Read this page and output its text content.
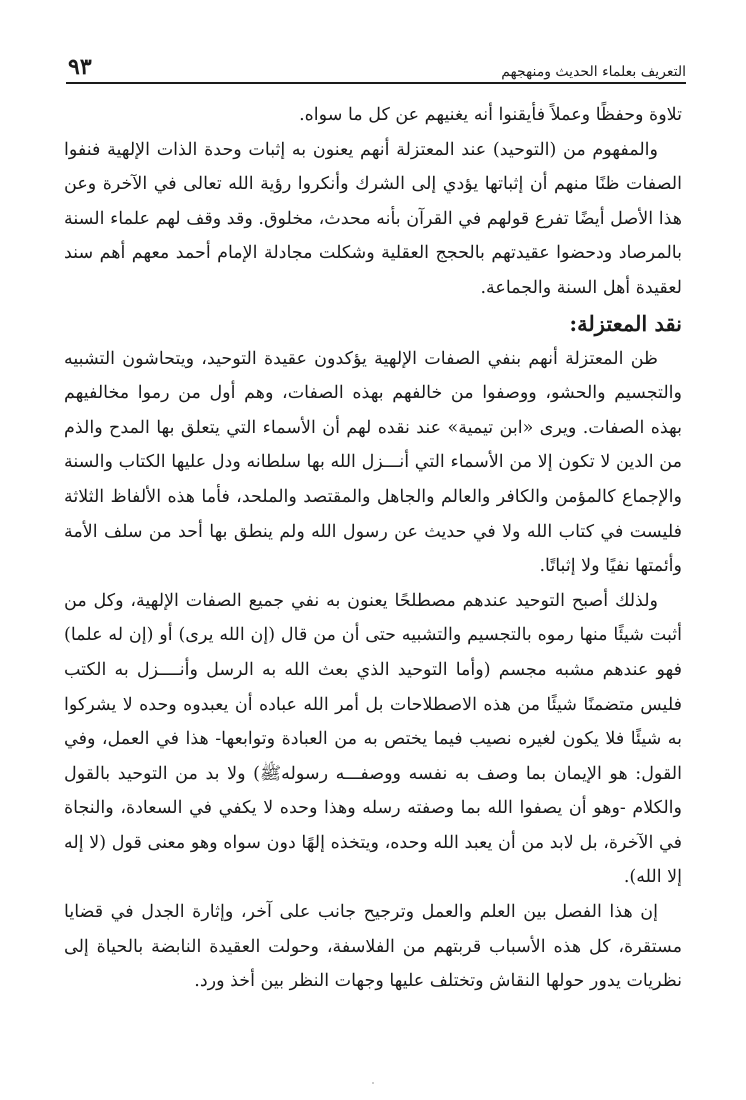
التعريف بعلماء الحديث ومنهجهم
٩٣

تلاوة وحفظًا وعملاً فأيقنوا أنه يغنيهم عن كل ما سواه.

والمفهوم من (التوحيد) عند المعتزلة أنهم يعنون به إثبات وحدة الذات الإلهية فنفوا الصفات ظنًا منهم أن إثباتها يؤدي إلى الشرك وأنكروا رؤية الله تعالى في الآخرة وعن هذا الأصل أيضًا تفرع قولهم في القرآن بأنه محدث، مخلوق. وقد وقف لهم علماء السنة بالمرصاد ودحضوا عقيدتهم بالحجج العقلية وشكلت مجادلة الإمام أحمد معهم أهم سند لعقيدة أهل السنة والجماعة.

نقد المعتزلة:

ظن المعتزلة أنهم بنفي الصفات الإلهية يؤكدون عقيدة التوحيد، ويتحاشون التشبيه والتجسيم والحشو، ووصفوا من خالفهم بهذه الصفات، وهم أول من رموا مخالفيهم بهذه الصفات. ويرى «ابن تيمية» عند نقده لهم أن الأسماء التي يتعلق بها المدح والذم من الدين لا تكون إلا من الأسماء التي أنـــزل الله بها سلطانه ودل عليها الكتاب والسنة والإجماع كالمؤمن والكافر والعالم والجاهل والمقتصد والملحد، فأما هذه الألفاظ الثلاثة فليست في كتاب الله ولا في حديث عن رسول الله ولم ينطق بها أحد من سلف الأمة وأئمتها نفيًا ولا إثباتًا.

ولذلك أصبح التوحيد عندهم مصطلحًا يعنون به نفي جميع الصفات الإلهية، وكل من أثبت شيئًا منها رموه بالتجسيم والتشبيه حتى أن من قال (إن الله يرى) أو (إن له علما) فهو عندهم مشبه مجسم (وأما التوحيد الذي بعث الله به الرسل وأنــــزل به الكتب فليس متضمنًا شيئًا من هذه الاصطلاحات بل أمر الله عباده أن يعبدوه وحده لا يشركوا به شيئًا فلا يكون لغيره نصيب فيما يختص به من العبادة وتوابعها- هذا في العمل، وفي القول: هو الإيمان بما وصف به نفسه ووصفـــه رسولهﷺ) ولا بد من التوحيد بالقول والكلام -وهو أن يصفوا الله بما وصفته رسله وهذا وحده لا يكفي في السعادة، والنجاة في الآخرة، بل لابد من أن يعبد الله وحده، ويتخذه إلهًا دون سواه وهو معنى قول (لا إله إلا الله).

إن هذا الفصل بين العلم والعمل وترجيح جانب على آخر، وإثارة الجدل في قضايا مستقرة، كل هذه الأسباب قربتهم من الفلاسفة، وحولت العقيدة النابضة بالحياة إلى نظريات يدور حولها النقاش وتختلف عليها وجهات النظر بين أخذ ورد.
